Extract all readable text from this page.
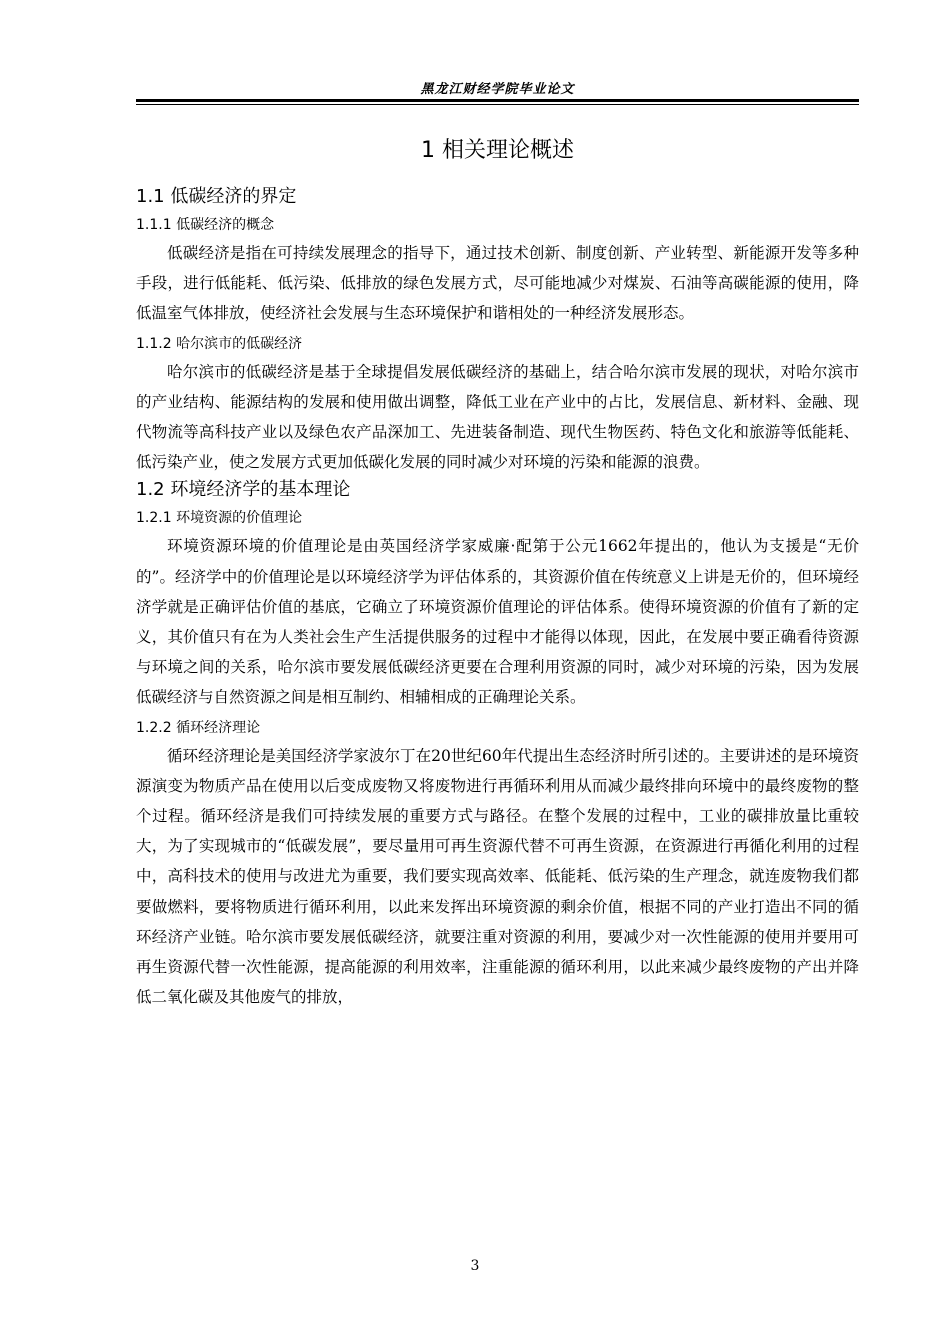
黑龙江财经学院毕业论文
1 相关理论概述
1.1 低碳经济的界定
1.1.1 低碳经济的概念

低碳经济是指在可持续发展理念的指导下，通过技术创新、制度创新、产业转型、新能源开发等多种手段，进行低能耗、低污染、低排放的绿色发展方式，尽可能地减少对煤炭、石油等高碳能源的使用，降低温室气体排放，使经济社会发展与生态环境保护和谐相处的一种经济发展形态。

1.1.2 哈尔滨市的低碳经济

哈尔滨市的低碳经济是基于全球提倡发展低碳经济的基础上，结合哈尔滨市发展的现状，对哈尔滨市的产业结构、能源结构的发展和使用做出调整，降低工业在产业中的占比，发展信息、新材料、金融、现代物流等高科技产业以及绿色农产品深加工、先进装备制造、现代生物医药、特色文化和旅游等低能耗、低污染产业，使之发展方式更加低碳化发展的同时减少对环境的污染和能源的浪费。

1.2 环境经济学的基本理论
1.2.1 环境资源的价值理论

环境资源环境的价值理论是由英国经济学家威廉·配第于公元1662年提出的，他认为支援是“无价的”。经济学中的价值理论是以环境经济学为评估体系的，其资源价值在传统意义上讲是无价的，但环境经济学就是正确评估价值的基底，它确立了环境资源价值理论的评估体系。使得环境资源的价值有了新的定义，其价值只有在为人类社会生产生活提供服务的过程中才能得以体现，因此，在发展中要正确看待资源与环境之间的关系，哈尔滨市要发展低碳经济更要在合理利用资源的同时，减少对环境的污染，因为发展低碳经济与自然资源之间是相互制约、相辅相成的正确理论关系。

1.2.2 循环经济理论

循环经济理论是美国经济学家波尔丁在20世纪60年代提出生态经济时所引述的。主要讲述的是环境资源演变为物质产品在使用以后变成废物又将废物进行再循环利用从而减少最终排向环境中的最终废物的整个过程。循环经济是我们可持续发展的重要方式与路径。在整个发展的过程中，工业的碳排放量比重较大，为了实现城市的“低碳发展”，要尽量用可再生资源代替不可再生资源，在资源进行再循化利用的过程中，高科技术的使用与改进尤为重要，我们要实现高效率、低能耗、低污染的生产理念，就连废物我们都要做燃料，要将物质进行循环利用，以此来发挥出环境资源的剩余价值，根据不同的产业打造出不同的循环经济产业链。哈尔滨市要发展低碳经济，就要注重对资源的利用，要减少对一次性能源的使用并要用可再生资源代替一次性能源，提高能源的利用效率，注重能源的循环利用，以此来减少最终废物的产出并降低二氧化碳及其他废气的排放，

3
